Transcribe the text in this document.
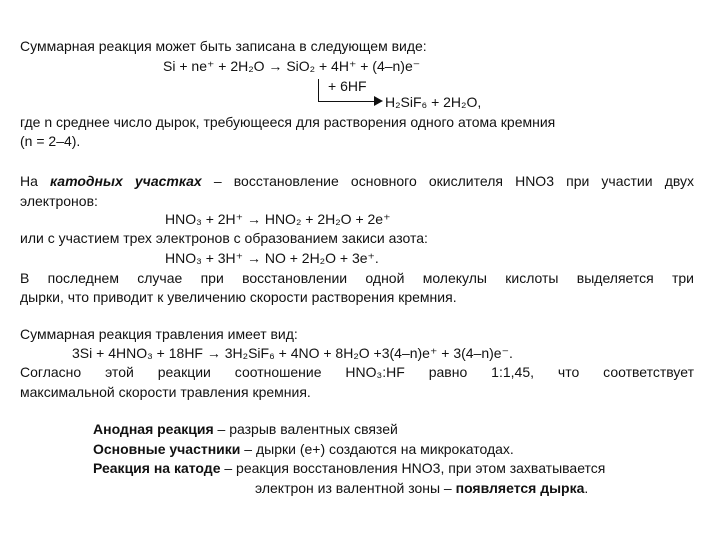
Суммарная реакция может быть записана в следующем виде:
Si + ne⁺ + 2H₂O → SiO₂ + 4H⁺ + (4–n)e⁻
+ 6HF
H₂SiF₆ + 2H₂O,
где n среднее число дырок, требующееся для растворения одного атома кремния
(n = 2–4).
На катодных участках – восстановление основного окислителя HNO3 при участии двух
электронов:
HNO₃ + 2H⁺ → HNO₂ + 2H₂O + 2e⁺
или с участием трех электронов с образованием закиси азота:
HNO₃ + 3H⁺ → NO + 2H₂O + 3e⁺.
В последнем случае при восстановлении одной молекулы кислоты выделяется три
дырки, что приводит к увеличению скорости растворения кремния.
Суммарная реакция травления имеет вид:
3Si + 4HNO₃ + 18HF → 3H₂SiF₆ + 4NO + 8H₂O +3(4–n)e⁺ + 3(4–n)e⁻.
Согласно этой реакции соотношение HNO₃:HF равно 1:1,45, что соответствует
максимальной скорости травления кремния.
Анодная реакция – разрыв валентных связей
Основные участники – дырки (е+) создаются на микрокатодах.
Реакция на катоде – реакция восстановления HNO3, при этом захватывается
электрон из валентной зоны – появляется дырка.
